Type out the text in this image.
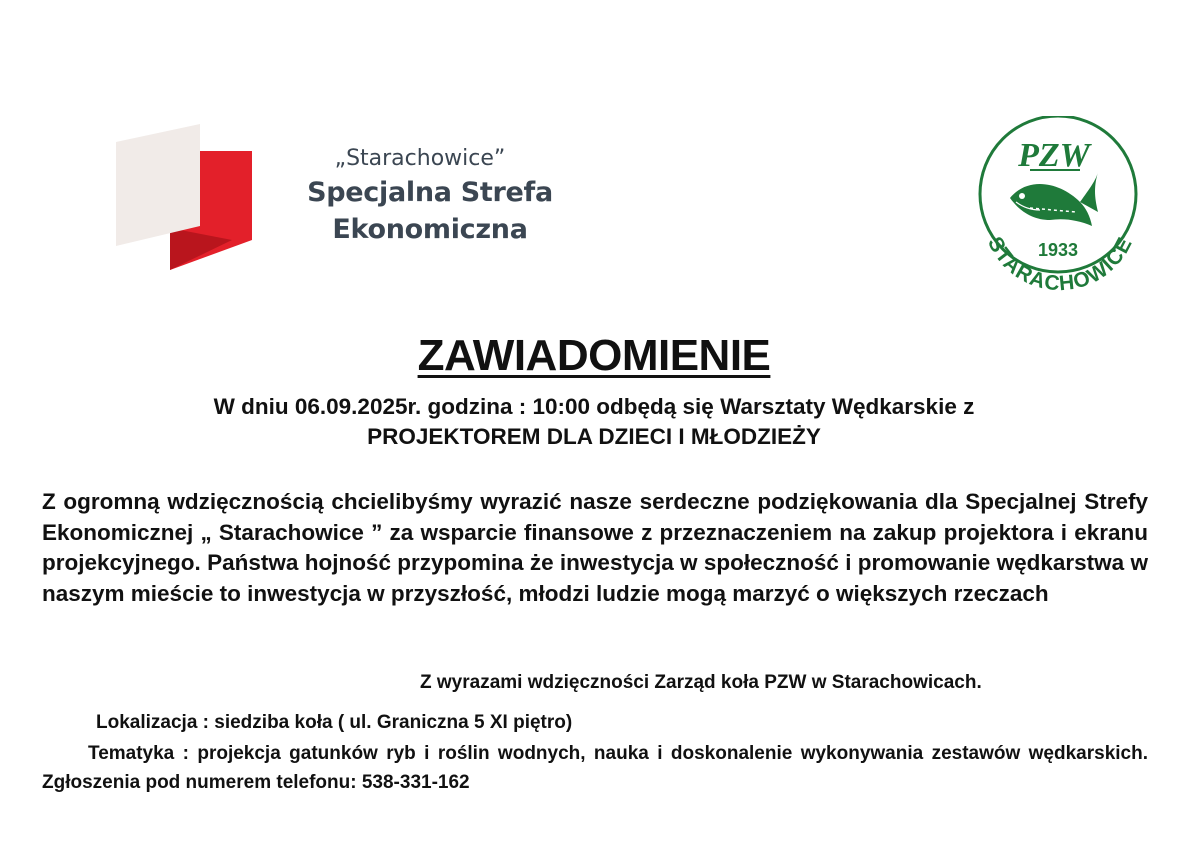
„Starachowice”
Specjalna Strefa
Ekonomiczna
PZW
1933
STARACHOWICE
ZAWIADOMIENIE
W dniu 06.09.2025r. godzina : 10:00 odbędą się Warsztaty Wędkarskie z
PROJEKTOREM DLA DZIECI I MŁODZIEŻY
Z ogromną wdzięcznością chcielibyśmy wyrazić nasze serdeczne podziękowania dla Specjalnej Strefy Ekonomicznej „ Starachowice ” za wsparcie finansowe z przeznaczeniem na zakup projektora i ekranu projekcyjnego. Państwa hojność przypomina że inwestycja w społeczność i promowanie wędkarstwa w naszym mieście to inwestycja w przyszłość, młodzi ludzie mogą marzyć o większych rzeczach
Z wyrazami wdzięczności Zarząd koła PZW w Starachowicach.
Lokalizacja : siedziba koła ( ul. Graniczna 5 XI piętro)
Tematyka : projekcja gatunków ryb i roślin wodnych, nauka i doskonalenie wykonywania zestawów wędkarskich. Zgłoszenia pod numerem telefonu: 538-331-162
